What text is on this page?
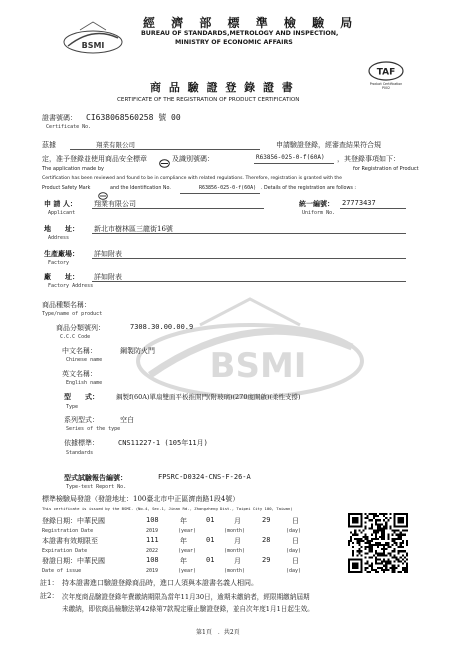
BSMI
經 濟 部 標 準 檢 驗 局
BUREAU OF STANDARDS,METROLOGY AND INSPECTION,
MINISTRY OF ECONOMIC AFFAIRS
TAF
Product Certification
P002
商 品 驗 證 登 錄 證 書
CERTIFICATE OF THE REGISTRATION OF PRODUCT CERTIFICATION
證書號碼： CI638068560258 號 00
Certificate No.
茲據	翔業有限公司	申請驗證登錄，經審查結果符合規
定，准予登錄並使用商品安全標章	及識別號碼：	R63856-025-0-f(60A) ，其登錄事項如下：
The application made by	for Registration of Product
Certification has been reviewed and found to be in compliance with related regulations. Therefore, registration is granted with the
Product Safety Mark	and the Identification No.	R63856-025-0-f(60A) . Details of the registration are follows :
申 請 人： 翔業有限公司
Applicant
統一編號： 27773437
Uniform No.
地　　址： 新北市樹林區三龍街16號
Address
生產廠場： 詳如附表
Factory
廠　　址： 詳如附表
Factory Address
BSMI
商品種類名稱：
Type/name of product
商品分類號列：	7308.30.00.00.9
C.C.C Code
中文名稱：	鋼製防火門
Chinese name
英文名稱：
English name
型　　式：	鋼製f(60A)單扇雙面平板推開門(附玻璃)(270度開啟)(柔性支撐)
Type
系列型式：	空白
Series of the type
依據標準：	CNS11227-1 (105年11月)
Standards
型式試驗報告編號：	FPSRC-D0324-CNS-F-26-A
Type-test Report No.
標準檢驗局發證（發證地址：100臺北市中正區濟南路1段4號）
This certificate is issued by the BSMI. (No.4, Sec.1, Jinan Rd., Zhongzheng Dist., Taipei City 100, Taiwan)
登錄日期：中華民國
Registration Date
108
2019
年
(year)
01	月
(month)
29	日
(day)
本證書有效期限至
Expiration Date
111
2022
年
(year)
01	月
(month)
28	日
(day)
發證日期：中華民國
Date of issue
108
2019
年
(year)
01	月
(month)
29	日
(day)
註1： 持本證書進口驗證登錄商品時，進口人須與本證書名義人相同。
註2： 次年度商品驗證登錄年費繳納期限為當年11月30日，逾期未繳納者，經限期繳納屆期
未繳納，即依商品檢驗法第42條第7款規定廢止驗證登錄，並自次年度1月1日起生效。
第1頁　．共2頁
